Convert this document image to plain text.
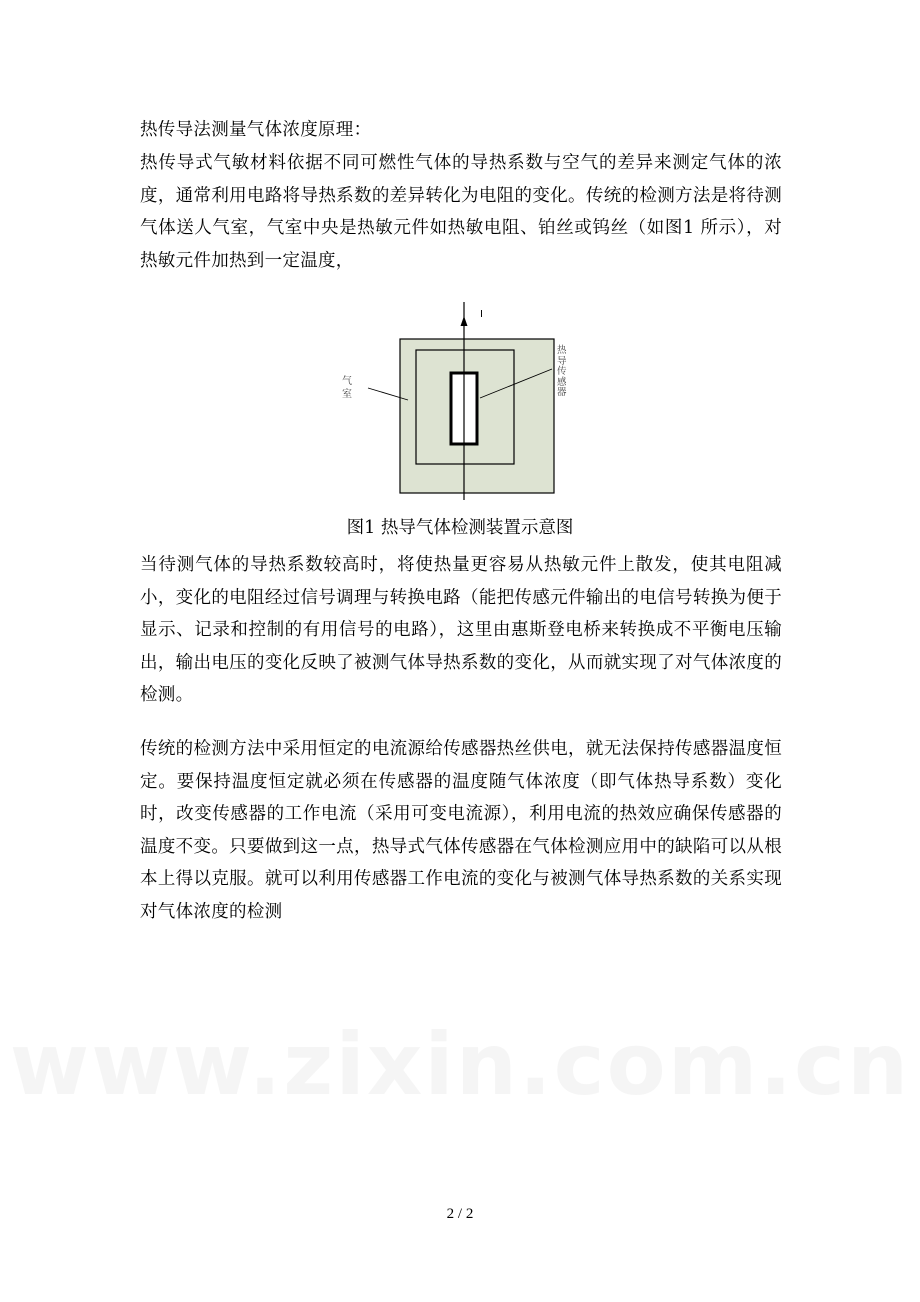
热传导法测量气体浓度原理：

热传导式气敏材料依据不同可燃性气体的导热系数与空气的差异来测定气体的浓度，通常利用电路将导热系数的差异转化为电阻的变化。传统的检测方法是将待测气体送人气室，气室中央是热敏元件如热敏电阻、铂丝或钨丝（如图1 所示），对热敏元件加热到一定温度，

I
气
室
热导传感器
图1 热导气体检测装置示意图

当待测气体的导热系数较高时，将使热量更容易从热敏元件上散发，使其电阻减小，变化的电阻经过信号调理与转换电路（能把传感元件输出的电信号转换为便于显示、记录和控制的有用信号的电路），这里由惠斯登电桥来转换成不平衡电压输出，输出电压的变化反映了被测气体导热系数的变化，从而就实现了对气体浓度的检测。

传统的检测方法中采用恒定的电流源给传感器热丝供电，就无法保持传感器温度恒定。要保持温度恒定就必须在传感器的温度随气体浓度（即气体热导系数）变化时，改变传感器的工作电流（采用可变电流源），利用电流的热效应确保传感器的温度不变。只要做到这一点，热导式气体传感器在气体检测应用中的缺陷可以从根本上得以克服。就可以利用传感器工作电流的变化与被测气体导热系数的关系实现对气体浓度的检测

www.zixin.com.cn
2 / 2
